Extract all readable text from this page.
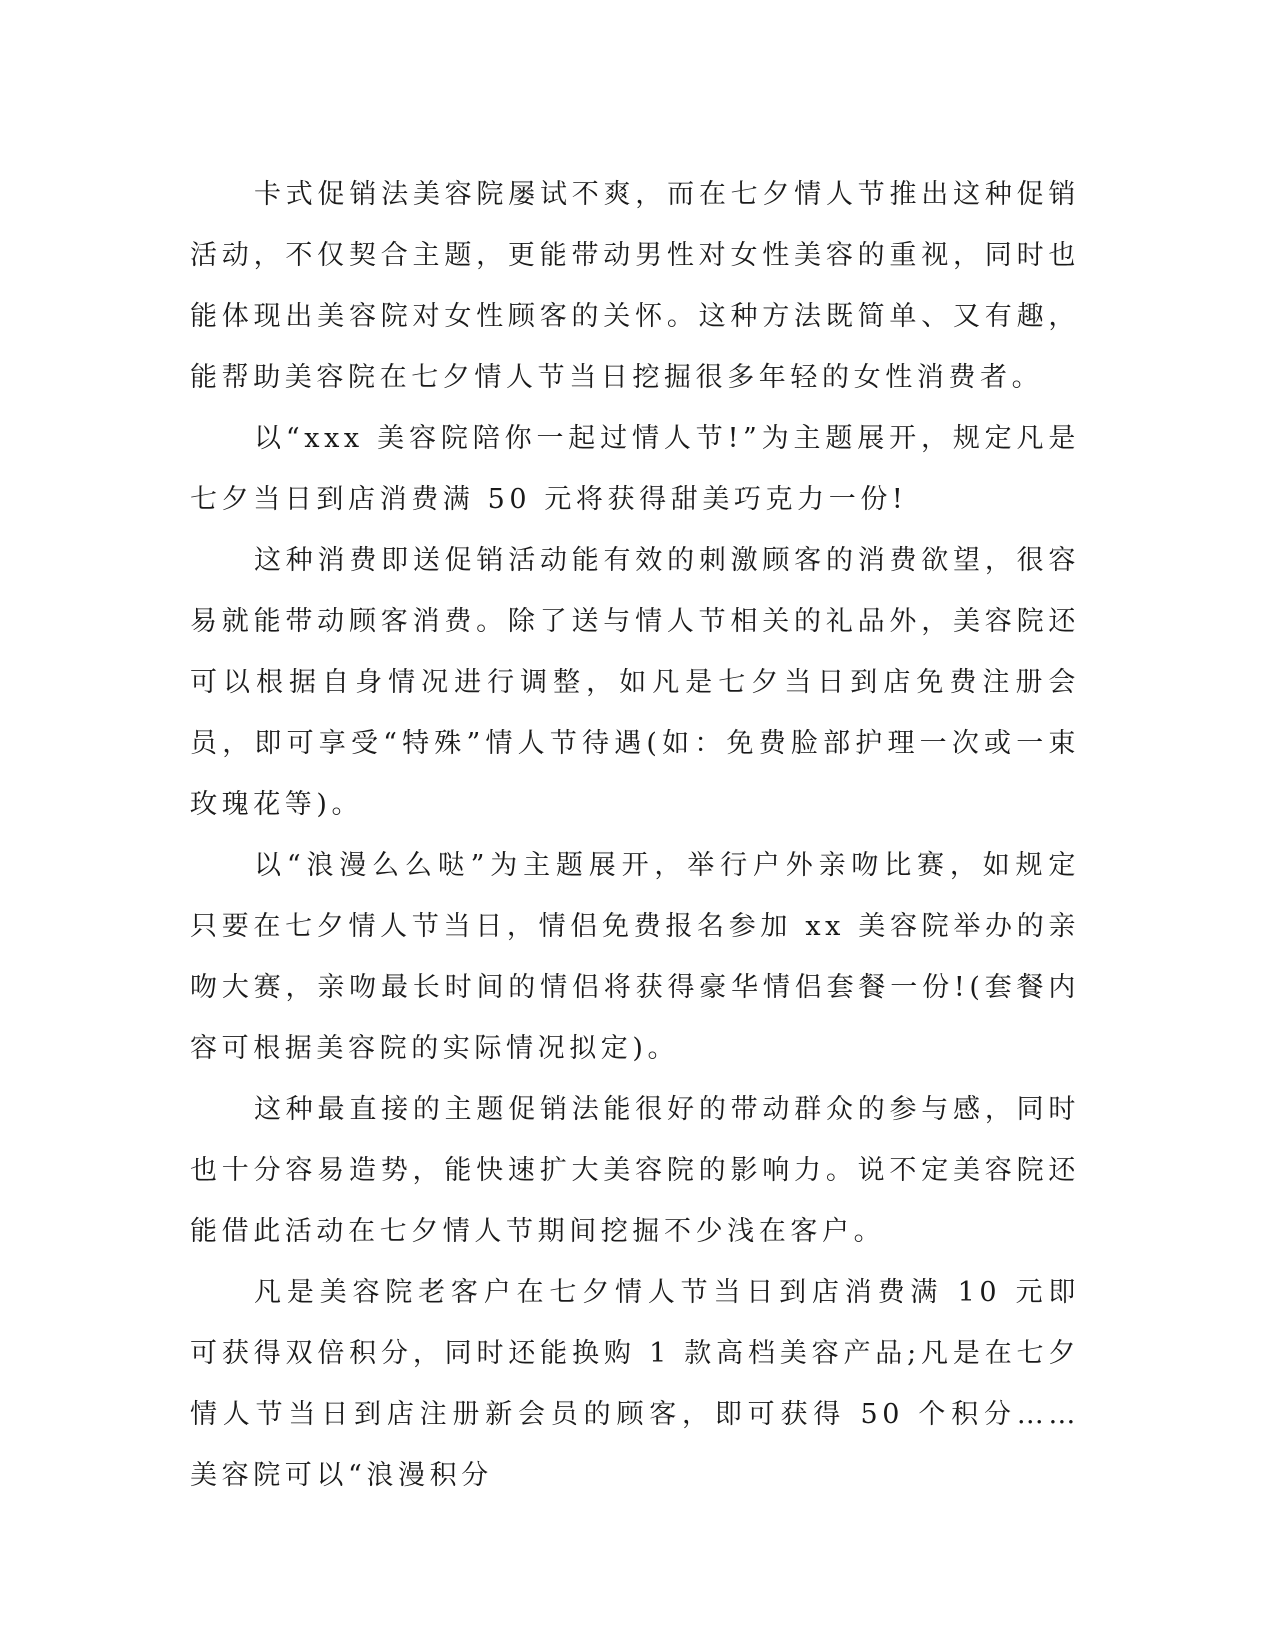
卡式促销法美容院屡试不爽，而在七夕情人节推出这种促销活动，不仅契合主题，更能带动男性对女性美容的重视，同时也能体现出美容院对女性顾客的关怀。这种方法既简单、又有趣，能帮助美容院在七夕情人节当日挖掘很多年轻的女性消费者。

以“xxx 美容院陪你一起过情人节!”为主题展开，规定凡是七夕当日到店消费满 50 元将获得甜美巧克力一份!

这种消费即送促销活动能有效的刺激顾客的消费欲望，很容易就能带动顾客消费。除了送与情人节相关的礼品外，美容院还可以根据自身情况进行调整，如凡是七夕当日到店免费注册会员，即可享受“特殊”情人节待遇(如：免费脸部护理一次或一束玫瑰花等)。

以“浪漫么么哒”为主题展开，举行户外亲吻比赛，如规定只要在七夕情人节当日，情侣免费报名参加 xx 美容院举办的亲吻大赛，亲吻最长时间的情侣将获得豪华情侣套餐一份!(套餐内容可根据美容院的实际情况拟定)。

这种最直接的主题促销法能很好的带动群众的参与感，同时也十分容易造势，能快速扩大美容院的影响力。说不定美容院还能借此活动在七夕情人节期间挖掘不少浅在客户。

凡是美容院老客户在七夕情人节当日到店消费满 10 元即可获得双倍积分，同时还能换购 1 款高档美容产品;凡是在七夕情人节当日到店注册新会员的顾客，即可获得 50 个积分……美容院可以“浪漫积分
